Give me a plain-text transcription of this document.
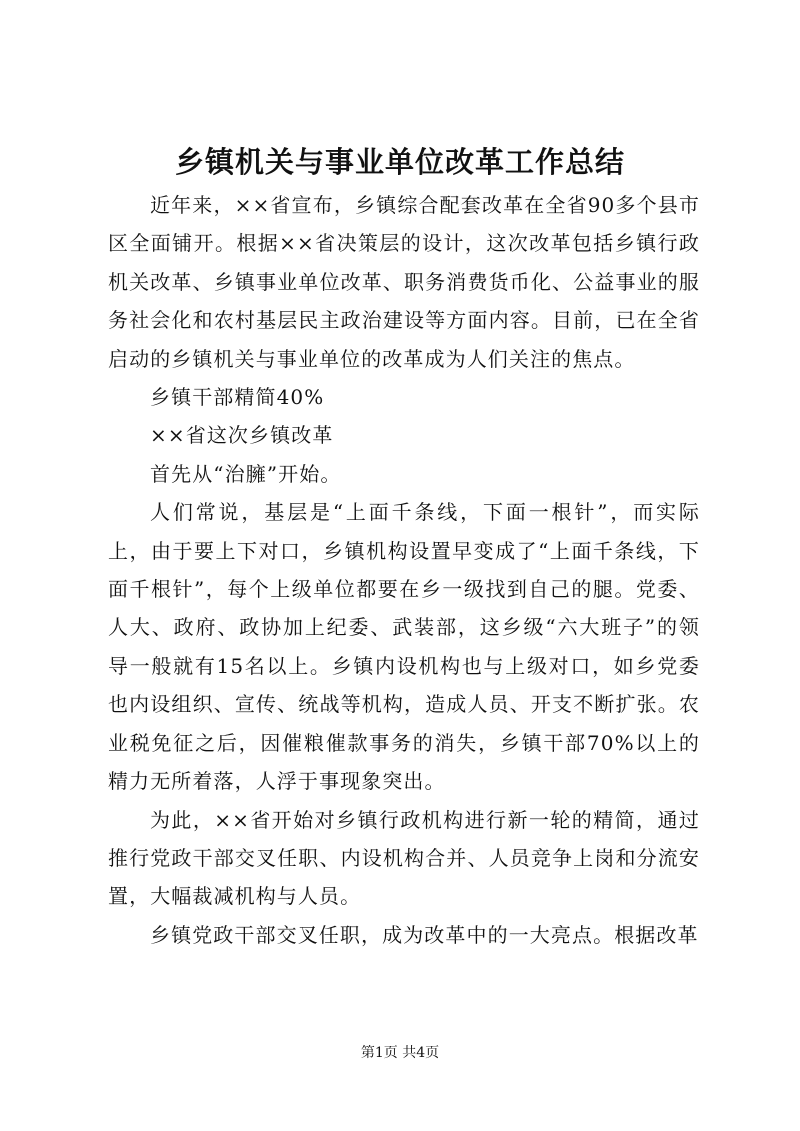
乡镇机关与事业单位改革工作总结

近年来，××省宣布，乡镇综合配套改革在全省90多个县市区全面铺开。根据××省决策层的设计，这次改革包括乡镇行政机关改革、乡镇事业单位改革、职务消费货币化、公益事业的服务社会化和农村基层民主政治建设等方面内容。目前，已在全省启动的乡镇机关与事业单位的改革成为人们关注的焦点。

乡镇干部精简40%

××省这次乡镇改革

首先从“治臃”开始。

人们常说，基层是“上面千条线，下面一根针”，而实际上，由于要上下对口，乡镇机构设置早变成了“上面千条线，下面千根针”，每个上级单位都要在乡一级找到自己的腿。党委、人大、政府、政协加上纪委、武装部，这乡级“六大班子”的领导一般就有15名以上。乡镇内设机构也与上级对口，如乡党委也内设组织、宣传、统战等机构，造成人员、开支不断扩张。农业税免征之后，因催粮催款事务的消失，乡镇干部70%以上的精力无所着落，人浮于事现象突出。

为此，××省开始对乡镇行政机构进行新一轮的精简，通过推行党政干部交叉任职、内设机构合并、人员竞争上岗和分流安置，大幅裁减机构与人员。

乡镇党政干部交叉任职，成为改革中的一大亮点。根据改革

第1页 共4页
